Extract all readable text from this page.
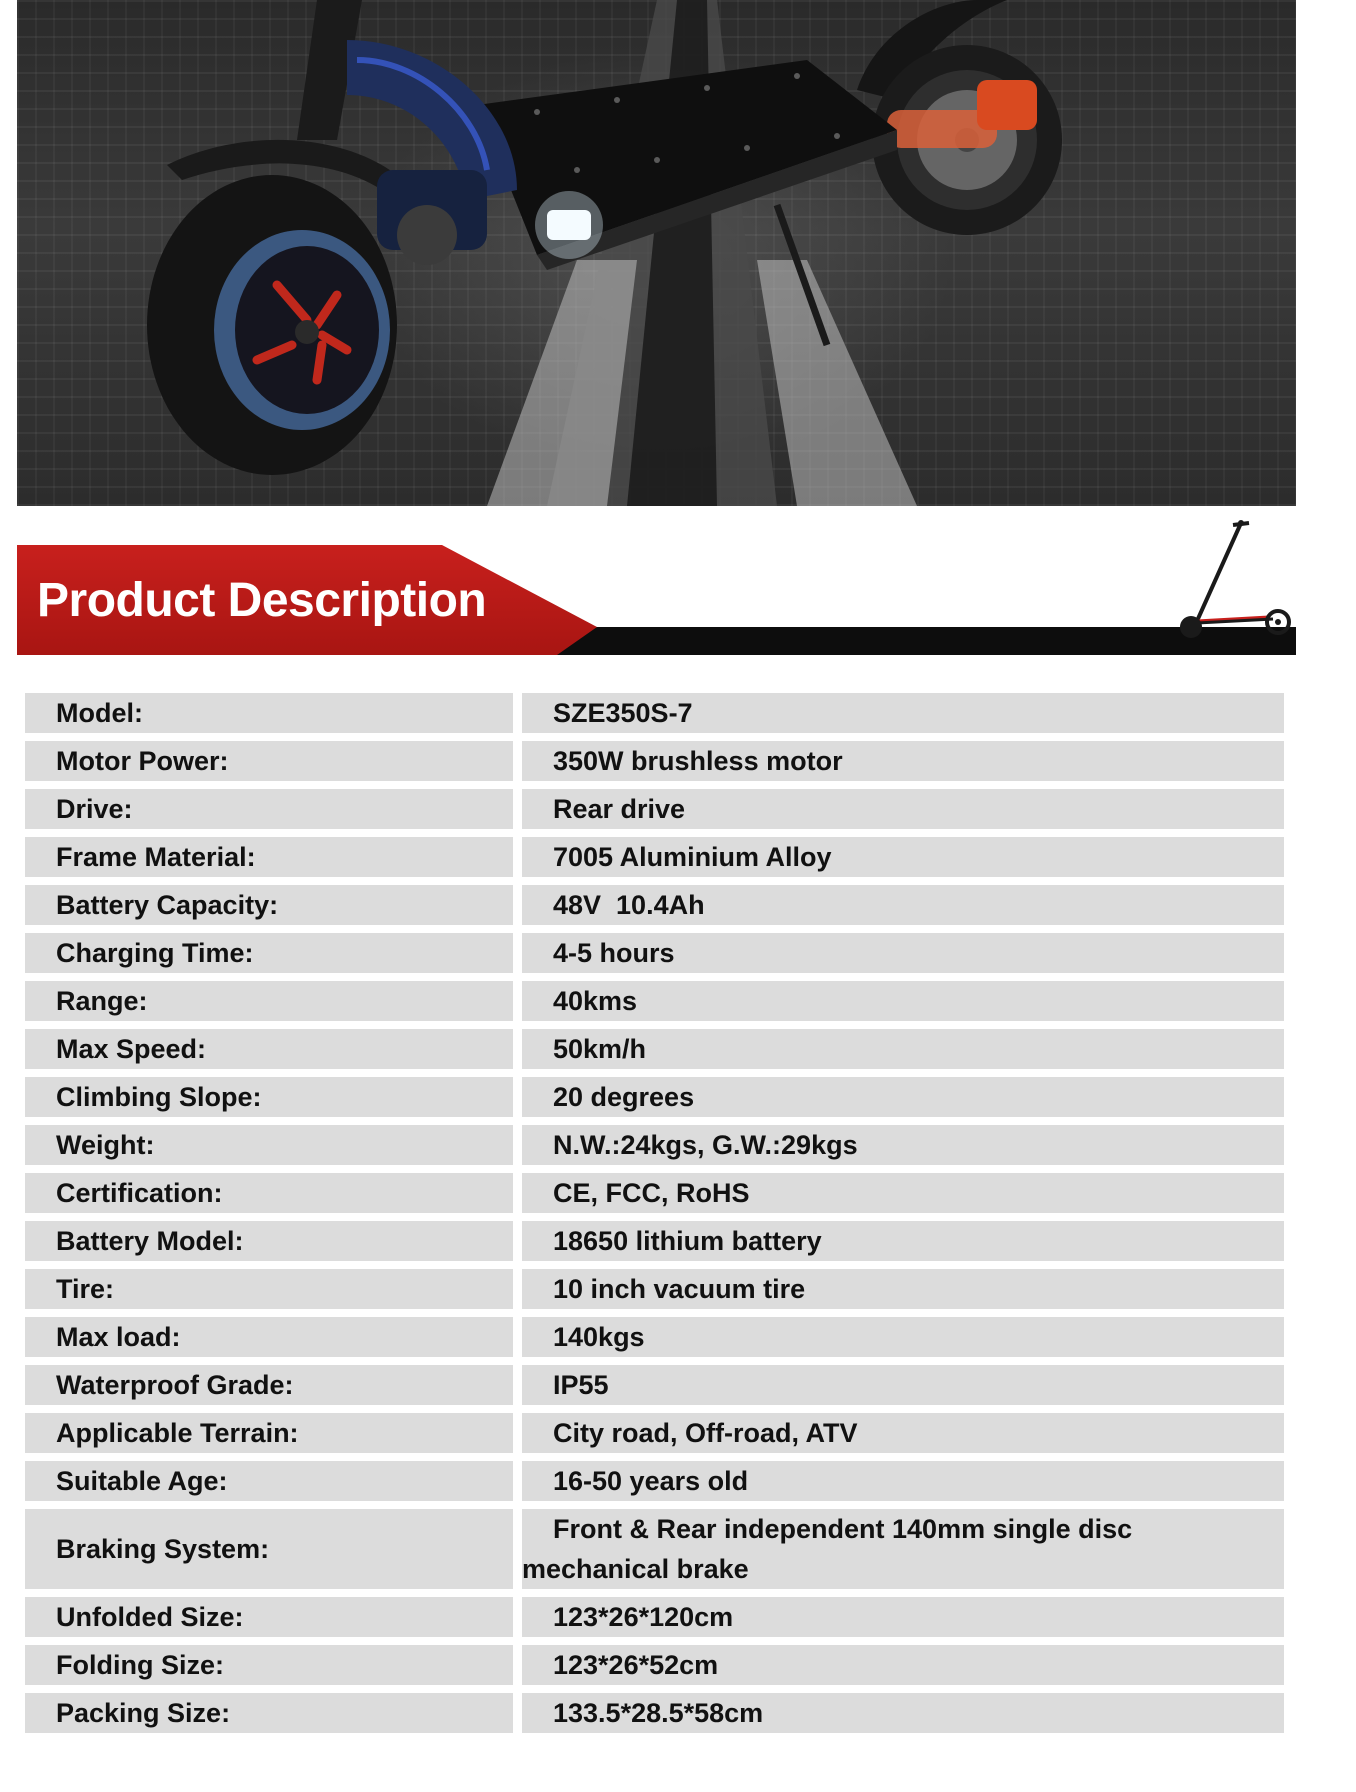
Product Description
Model:	SZE350S-7
Motor Power:	350W brushless motor
Drive:	Rear drive
Frame Material:	7005 Aluminium Alloy
Battery Capacity:	48V  10.4Ah
Charging Time:	4-5 hours
Range:	40kms
Max Speed:	50km/h
Climbing Slope:	20 degrees
Weight:	N.W.:24kgs, G.W.:29kgs
Certification:	CE, FCC, RoHS
Battery Model:	18650 lithium battery
Tire:	10 inch vacuum tire
Max load:	140kgs
Waterproof Grade:	IP55
Applicable Terrain:	City road, Off-road, ATV
Suitable Age:	16-50 years old
Braking System:
Front & Rear independent 140mm single disc
mechanical brake
Unfolded Size:	123*26*120cm
Folding Size:	123*26*52cm
Packing Size:	133.5*28.5*58cm
